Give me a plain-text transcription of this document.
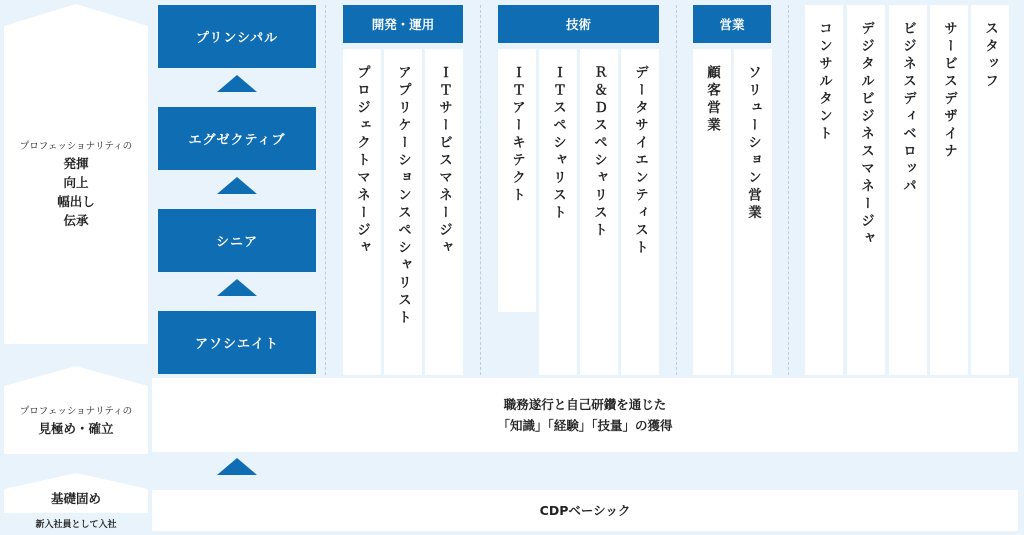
プロフェッショナリティの
発揮
向上
幅出し
伝承
プロフェッショナリティの
見極め・確立
基礎固め
新入社員として入社
プリンシパル
エグゼクティブ
シニア
アソシエイト
開発・運用
プロジェクトマネージャ アプリケーションスペシャリスト ＩＴサービスマネージャ
技術
ＩＴアーキテクト ＩＴスペシャリスト Ｒ＆Ｄスペシャリスト データサイエンティスト
営業
顧客営業 ソリューション営業	コンサルタント デジタルビジネスマネージャ ビジネスディベロッパ サービスデザイナ スタッフ
職務遂行と自己研鑽を通じた
「知識」「経験」「技量」の獲得
CDPベーシック
